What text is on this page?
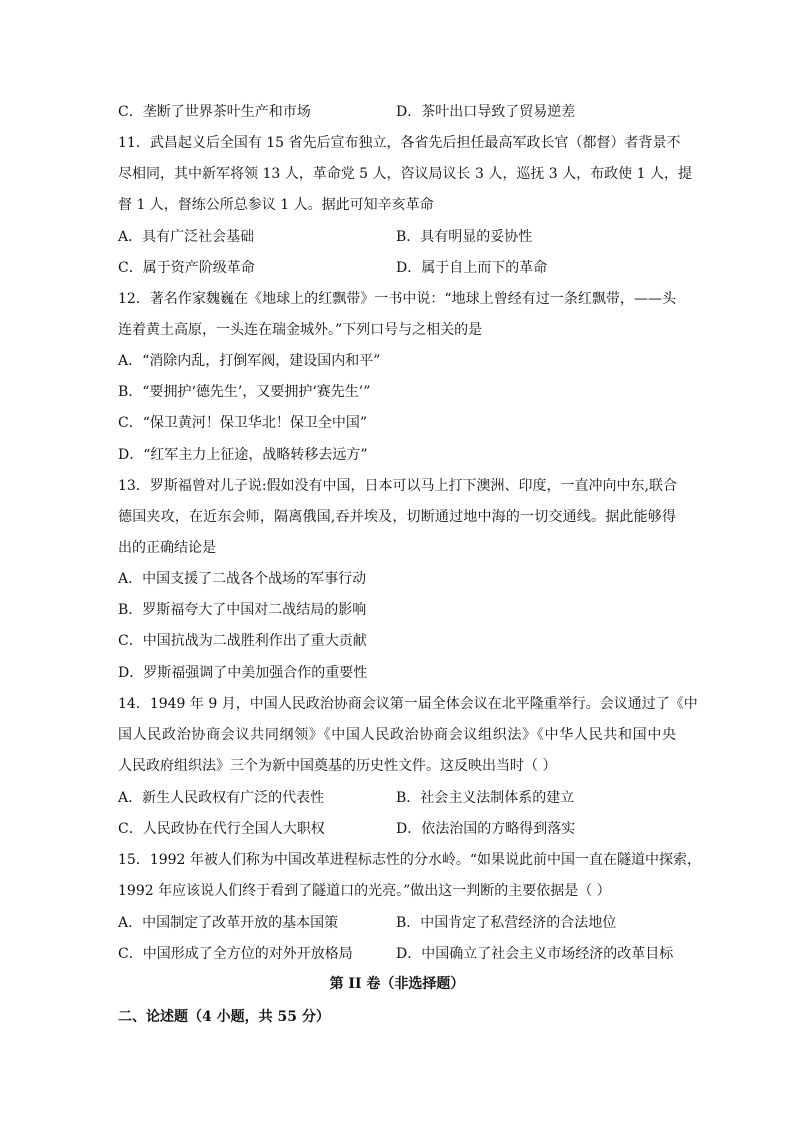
C．垄断了世界茶叶生产和市场	D．茶叶出口导致了贸易逆差
11．武昌起义后全国有 15 省先后宣布独立，各省先后担任最高军政长官（都督）者背景不
尽相同，其中新军将领 13 人，革命党 5 人，咨议局议长 3 人，巡抚 3 人，布政使 1 人，提
督 1 人，督练公所总参议 1 人。据此可知辛亥革命
A．具有广泛社会基础	B．具有明显的妥协性
C．属于资产阶级革命	D．属于自上而下的革命
12．著名作家魏巍在《地球上的红飘带》一书中说：“地球上曾经有过一条红飘带，——头
连着黄土高原，一头连在瑞金城外。”下列口号与之相关的是
A．“消除内乱，打倒军阀，建设国内和平”
B．“要拥护‘德先生’，又要拥护‘赛先生’”
C．“保卫黄河！保卫华北！保卫全中国”
D．“红军主力上征途，战略转移去远方”
13．罗斯福曾对儿子说:假如没有中国，日本可以马上打下澳洲、印度，一直冲向中东,联合
德国夹攻，在近东会师，隔离俄国,吞并埃及，切断通过地中海的一切交通线。据此能够得
出的正确结论是
A．中国支援了二战各个战场的军事行动
B．罗斯福夸大了中国对二战结局的影响
C．中国抗战为二战胜利作出了重大贡献
D．罗斯福强调了中美加强合作的重要性
14．1949 年 9 月，中国人民政治协商会议第一届全体会议在北平隆重举行。会议通过了《中
国人民政治协商会议共同纲领》《中国人民政治协商会议组织法》《中华人民共和国中央
人民政府组织法》三个为新中国奠基的历史性文件。这反映出当时（ ）
A．新生人民政权有广泛的代表性	B．社会主义法制体系的建立
C．人民政协在代行全国人大职权	D．依法治国的方略得到落实
15．1992 年被人们称为中国改革进程标志性的分水岭。“如果说此前中国一直在隧道中探索，
1992 年应该说人们终于看到了隧道口的光亮。”做出这一判断的主要依据是（ ）
A．中国制定了改革开放的基本国策	B．中国肯定了私营经济的合法地位
C．中国形成了全方位的对外开放格局	D．中国确立了社会主义市场经济的改革目标
第 II 卷（非选择题）
二、论述题（4 小题，共 55 分）
